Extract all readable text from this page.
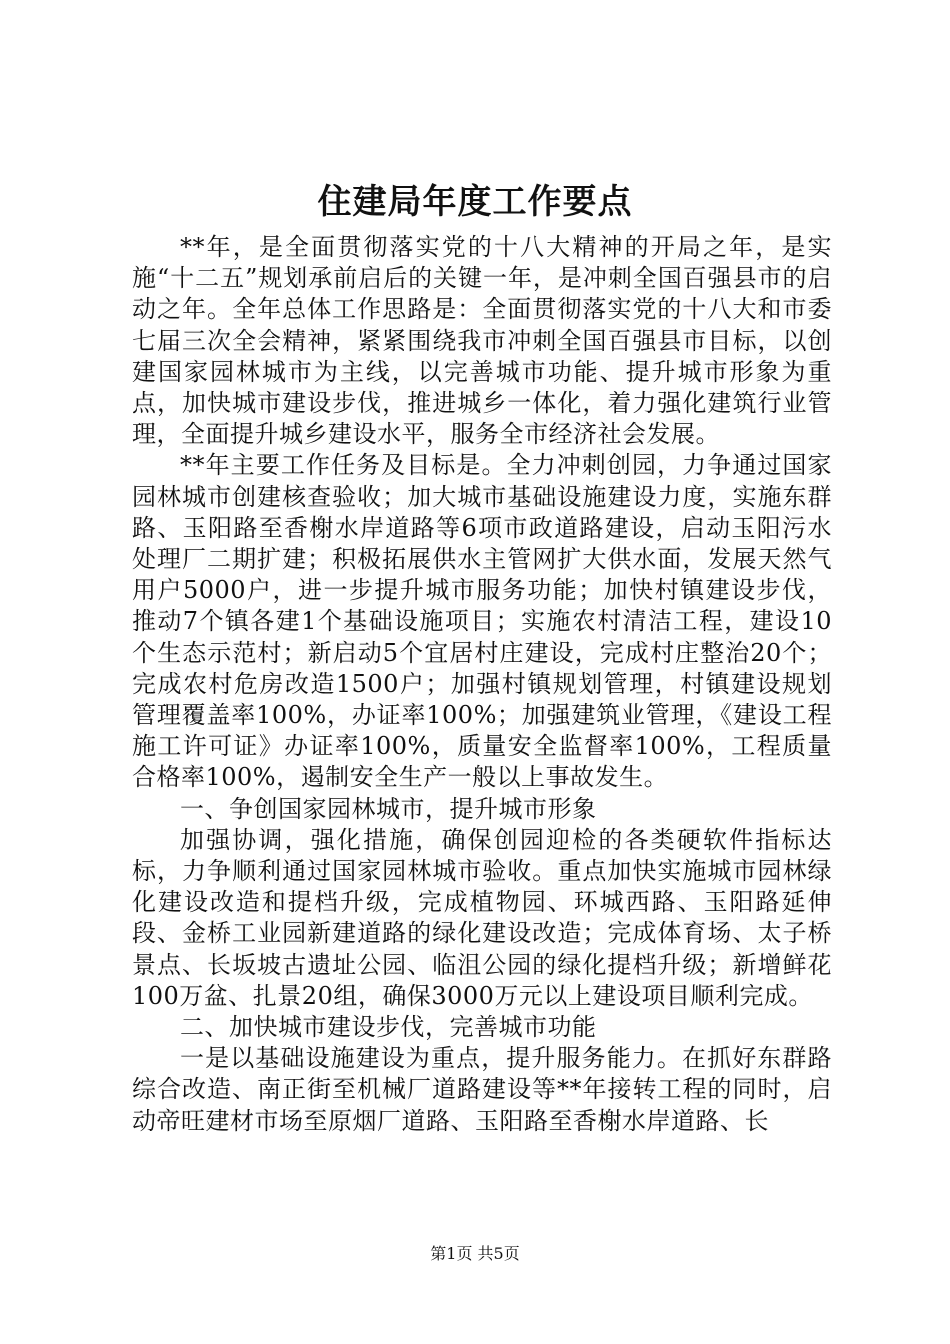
住建局年度工作要点

**年，是全面贯彻落实党的十八大精神的开局之年，是实施“十二五”规划承前启后的关键一年，是冲刺全国百强县市的启动之年。全年总体工作思路是：全面贯彻落实党的十八大和市委七届三次全会精神，紧紧围绕我市冲刺全国百强县市目标，以创建国家园林城市为主线，以完善城市功能、提升城市形象为重点，加快城市建设步伐，推进城乡一体化，着力强化建筑行业管理，全面提升城乡建设水平，服务全市经济社会发展。

**年主要工作任务及目标是。全力冲刺创园，力争通过国家园林城市创建核查验收；加大城市基础设施建设力度，实施东群路、玉阳路至香榭水岸道路等6项市政道路建设，启动玉阳污水处理厂二期扩建；积极拓展供水主管网扩大供水面，发展天然气用户5000户，进一步提升城市服务功能；加快村镇建设步伐，推动7个镇各建1个基础设施项目；实施农村清洁工程，建设10个生态示范村；新启动5个宜居村庄建设，完成村庄整治20个；完成农村危房改造1500户；加强村镇规划管理，村镇建设规划管理覆盖率100%，办证率100%；加强建筑业管理，《建设工程施工许可证》办证率100%，质量安全监督率100%，工程质量合格率100%，遏制安全生产一般以上事故发生。

一、争创国家园林城市，提升城市形象

加强协调，强化措施，确保创园迎检的各类硬软件指标达标，力争顺利通过国家园林城市验收。重点加快实施城市园林绿化建设改造和提档升级，完成植物园、环城西路、玉阳路延伸段、金桥工业园新建道路的绿化建设改造；完成体育场、太子桥景点、长坂坡古遗址公园、临沮公园的绿化提档升级；新增鲜花100万盆、扎景20组，确保3000万元以上建设项目顺利完成。

二、加快城市建设步伐，完善城市功能

一是以基础设施建设为重点，提升服务能力。在抓好东群路综合改造、南正街至机械厂道路建设等**年接转工程的同时，启动帝旺建材市场至原烟厂道路、玉阳路至香榭水岸道路、长

第1页 共5页
